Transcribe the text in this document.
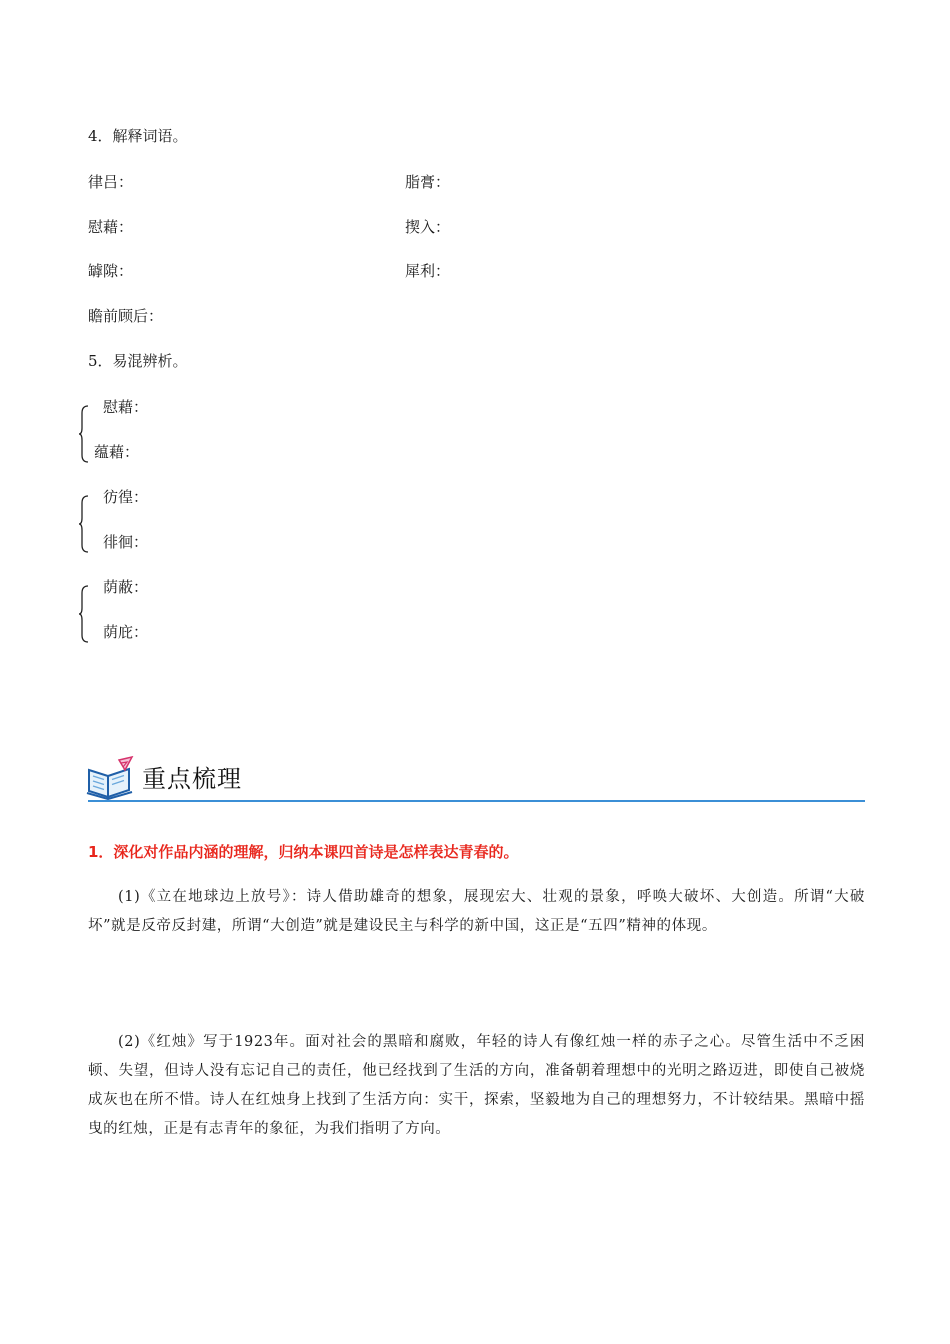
4．解释词语。
律吕：	脂膏：
慰藉：	揳入：
罅隙：	犀利：
瞻前顾后：
5．易混辨析。
慰藉：
蕴藉：
彷徨：
徘徊：
荫蔽：
荫庇：
重点梳理
1．深化对作品内涵的理解，归纳本课四首诗是怎样表达青春的。
(1)《立在地球边上放号》：诗人借助雄奇的想象，展现宏大、壮观的景象，呼唤大破坏、大创造。所谓“大破坏”就是反帝反封建，所谓“大创造”就是建设民主与科学的新中国，这正是“五四”精神的体现。
(2)《红烛》写于1923年。面对社会的黑暗和腐败，年轻的诗人有像红烛一样的赤子之心。尽管生活中不乏困顿、失望，但诗人没有忘记自己的责任，他已经找到了生活的方向，准备朝着理想中的光明之路迈进，即使自己被烧成灰也在所不惜。诗人在红烛身上找到了生活方向：实干，探索，坚毅地为自己的理想努力，不计较结果。黑暗中摇曳的红烛，正是有志青年的象征，为我们指明了方向。
